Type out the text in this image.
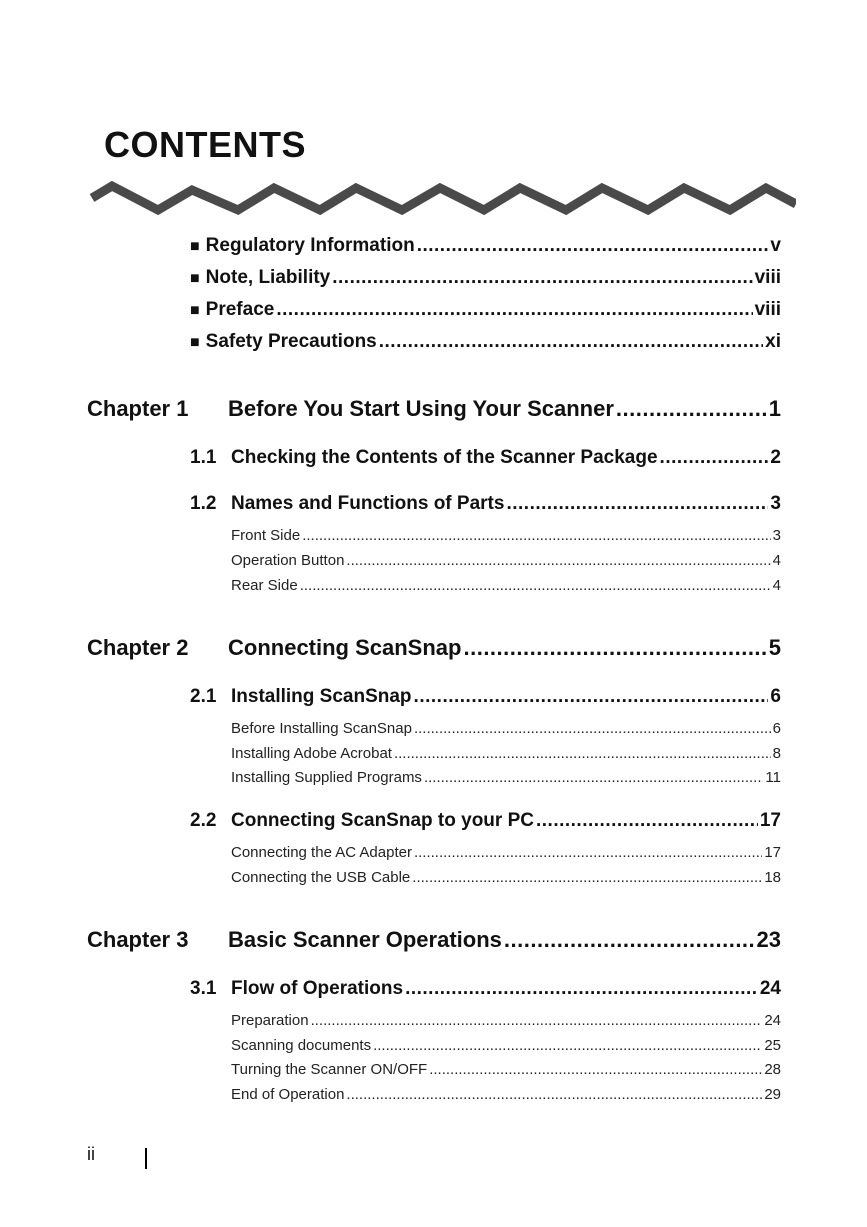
CONTENTS
■ Regulatory Information .....	v
■ Note, Liability .....	viii
■ Preface .....	viii
■ Safety Precautions .....	xi
Chapter 1	Before You Start Using Your Scanner .....	1
1.1 Checking the Contents of the Scanner Package .....	2
1.2 Names and Functions of Parts .....	3
Front Side .....	3
Operation Button .....	4
Rear Side .....	4
Chapter 2	Connecting ScanSnap .....	5
2.1 Installing ScanSnap .....	6
Before Installing ScanSnap .....	6
Installing Adobe Acrobat .....	8
Installing Supplied Programs .....	11
2.2 Connecting ScanSnap to your PC .....	17
Connecting the AC Adapter .....	17
Connecting the USB Cable .....	18
Chapter 3	Basic Scanner Operations .....	23
3.1 Flow of Operations .....	24
Preparation .....	24
Scanning documents .....	25
Turning the Scanner ON/OFF .....	28
End of Operation .....	29
ii
